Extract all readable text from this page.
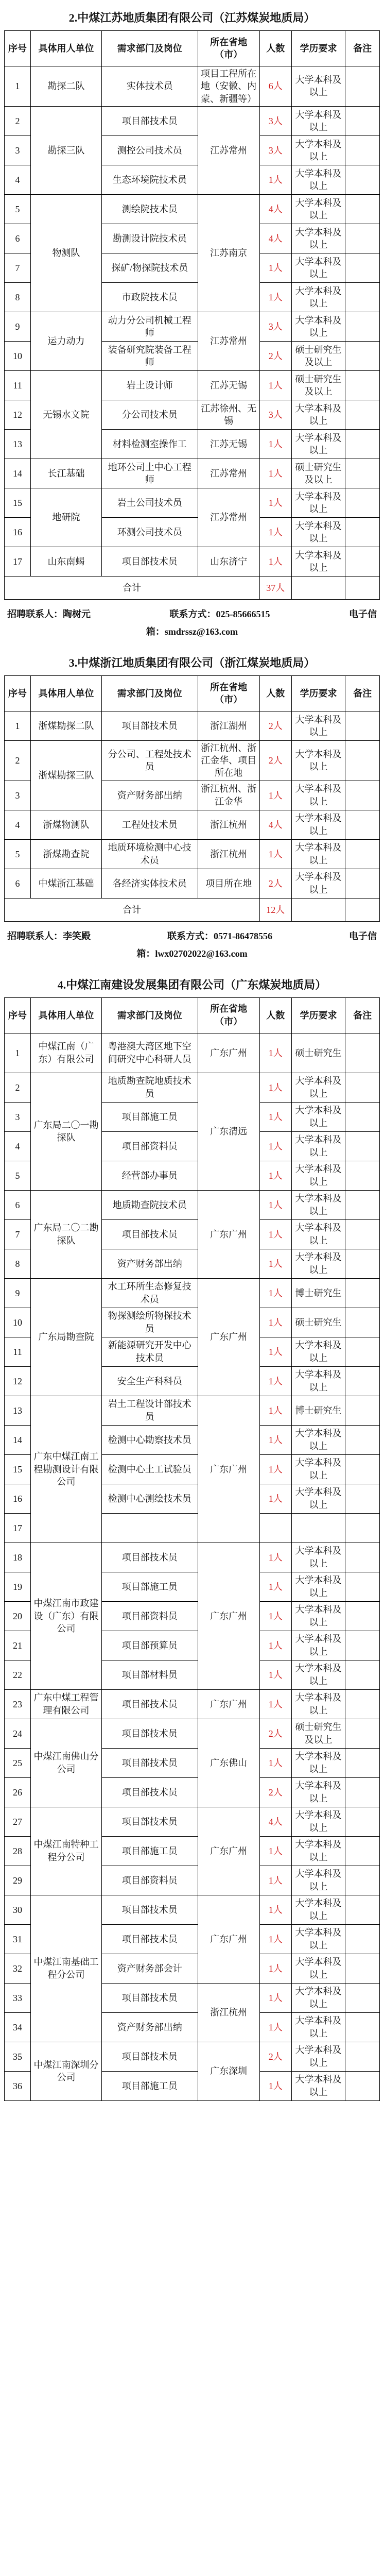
2.中煤江苏地质集团有限公司（江苏煤炭地质局）
序号	具体用人单位	需求部门及岗位	所在省地（市）	人数	学历要求	备注
1	勘探二队	实体技术员	项目工程所在地（安徽、内蒙、新疆等）	6人	大学本科及以上	
2	勘探三队	项目部技术员	江苏常州	3人	大学本科及以上	
3		测控公司技术员		3人	大学本科及以上	
4		生态环境院技术员		1人	大学本科及以上	
5	物测队	测绘院技术员	江苏南京	4人	大学本科及以上	
6		勘测设计院技术员		4人	大学本科及以上	
7		探矿/物探院技术员		1人	大学本科及以上	
8		市政院技术员		1人	大学本科及以上	
9	运力动力	动力分公司机械工程师	江苏常州	3人	大学本科及以上	
10		装备研究院装备工程师		2人	硕士研究生及以上	
11	无锡水文院	岩土设计师	江苏无锡	1人	硕士研究生及以上	
12		分公司技术员	江苏徐州、无锡	3人	大学本科及以上	
13		材料检测室操作工	江苏无锡	1人	大学本科及以上	
14	长江基础	地环公司土中心工程师	江苏常州	1人	硕士研究生及以上	
15	地研院	岩土公司技术员	江苏常州	1人	大学本科及以上	
16		环测公司技术员		1人	大学本科及以上	
17	山东南蝎	项目部技术员	山东济宁	1人	大学本科及以上	
合计				37人		
招聘联系人：陶树元	联系方式：025-85666515	电子信
箱：smdrssz@163.com
3.中煤浙江地质集团有限公司（浙江煤炭地质局）
序号	具体用人单位	需求部门及岗位	所在省地（市）	人数	学历要求	备注
1	浙煤勘探二队	项目部技术员	浙江湖州	2人	大学本科及以上	
2	浙煤勘探三队	分公司、工程处技术员	浙江杭州、浙江金华、项目所在地	2人	大学本科及以上	
3		资产财务部出纳	浙江杭州、浙江金华	1人	大学本科及以上	
4	浙煤物测队	工程处技术员	浙江杭州	4人	大学本科及以上	
5	浙煤勘查院	地质环境检测中心技术员	浙江杭州	1人	大学本科及以上	
6	中煤浙江基础	各经济实体技术员	项目所在地	2人	大学本科及以上	
合计				12人		
招聘联系人：李笑殿	联系方式：0571-86478556	电子信
箱：lwx02702022@163.com
4.中煤江南建设发展集团有限公司（广东煤炭地质局）
序号	具体用人单位	需求部门及岗位	所在省地（市）	人数	学历要求	备注
1	中煤江南（广东）有限公司	粤港澳大湾区地下空间研究中心科研人员	广东广州	1人	硕士研究生	
2	广东局二〇一勘探队	地质勘查院地质技术员	广东清远	1人	大学本科及以上	
3		项目部施工员		1人	大学本科及以上	
4		项目部资料员		1人	大学本科及以上	
5		经营部办事员		1人	大学本科及以上	
6	广东局二〇二勘探队	地质勘查院技术员	广东广州	1人	大学本科及以上	
7		项目部技术员		1人	大学本科及以上	
8		资产财务部出纳		1人	大学本科及以上	
9	广东局勘查院	水工环所生态修复技术员	广东广州	1人	博士研究生	
10		物探测绘所物探技术员		1人	硕士研究生	
11		新能源研究开发中心技术员		1人	大学本科及以上	
12		安全生产科科员		1人	大学本科及以上	
13	广东中煤江南工程勘测设计有限公司	岩土工程设计部技术员	广东广州	1人	博士研究生	
14		检测中心勘察技术员		1人	大学本科及以上	
15		检测中心土工试验员		1人	大学本科及以上	
16		检测中心测绘技术员		1人	大学本科及以上	
17						
18	中煤江南市政建设（广东）有限公司	项目部技术员	广东广州	1人	大学本科及以上	
19		项目部施工员		1人	大学本科及以上	
20		项目部资料员		1人	大学本科及以上	
21		项目部预算员		1人	大学本科及以上	
22		项目部材料员		1人	大学本科及以上	
23	广东中煤工程管理有限公司	项目部技术员	广东广州	1人	大学本科及以上	
24	中煤江南佛山分公司	项目部技术员	广东佛山	2人	硕士研究生及以上	
25		项目部技术员		1人	大学本科及以上	
26		项目部技术员		2人	大学本科及以上	
27	中煤江南特种工程分公司	项目部技术员	广东广州	4人	大学本科及以上	
28		项目部施工员		1人	大学本科及以上	
29		项目部资料员		1人	大学本科及以上	
30	中煤江南基础工程分公司	项目部技术员	广东广州	1人	大学本科及以上	
31		项目部技术员		1人	大学本科及以上	
32		资产财务部会计		1人	大学本科及以上	
33		项目部技术员	浙江杭州	1人	大学本科及以上	
34		资产财务部出纳		1人	大学本科及以上	
35	中煤江南深圳分公司	项目部技术员	广东深圳	2人	大学本科及以上	
36		项目部施工员		1人	大学本科及以上	
